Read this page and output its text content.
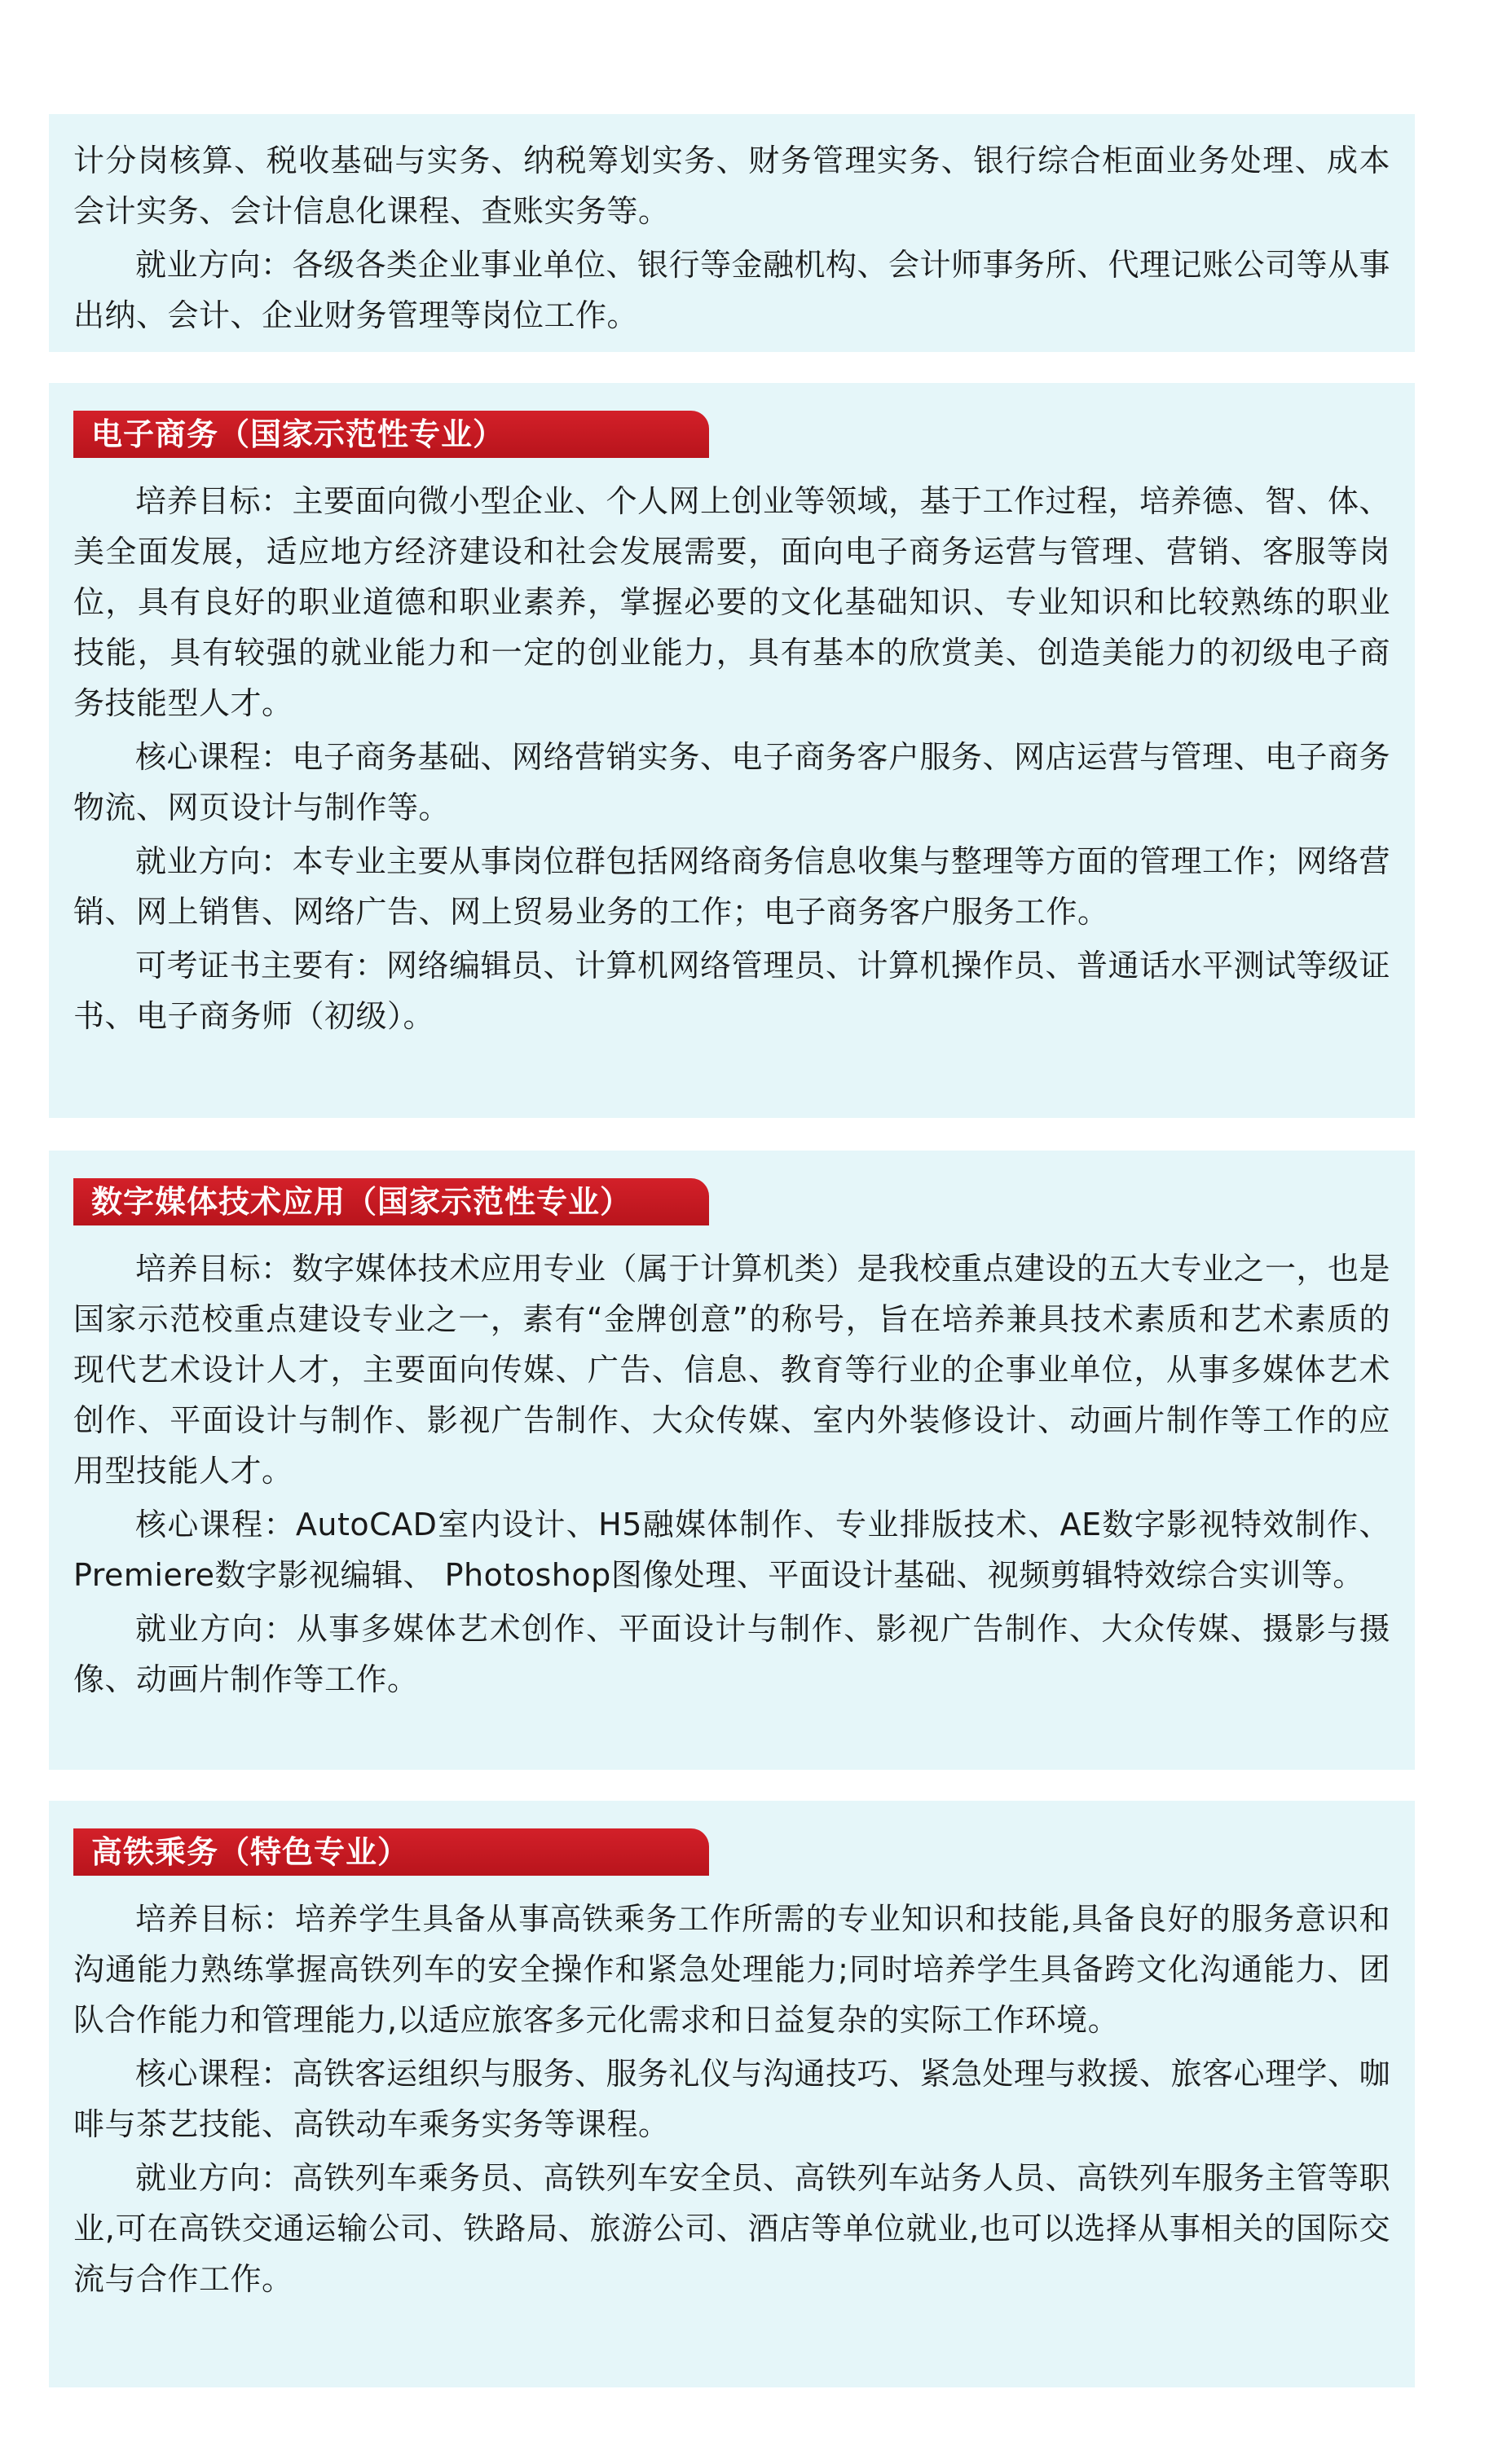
计分岗核算、税收基础与实务、纳税筹划实务、财务管理实务、银行综合柜面业务处理、成本会计实务、会计信息化课程、查账实务等。

就业方向：各级各类企业事业单位、银行等金融机构、会计师事务所、代理记账公司等从事出纳、会计、企业财务管理等岗位工作。

电子商务（国家示范性专业）

培养目标：主要面向微小型企业、个人网上创业等领域，基于工作过程，培养德、智、体、美全面发展，适应地方经济建设和社会发展需要，面向电子商务运营与管理、营销、客服等岗位，具有良好的职业道德和职业素养，掌握必要的文化基础知识、专业知识和比较熟练的职业技能，具有较强的就业能力和一定的创业能力，具有基本的欣赏美、创造美能力的初级电子商务技能型人才。

核心课程：电子商务基础、网络营销实务、电子商务客户服务、网店运营与管理、电子商务物流、网页设计与制作等。

就业方向：本专业主要从事岗位群包括网络商务信息收集与整理等方面的管理工作；网络营销、网上销售、网络广告、网上贸易业务的工作；电子商务客户服务工作。

可考证书主要有：网络编辑员、计算机网络管理员、计算机操作员、普通话水平测试等级证书、电子商务师（初级）。

数字媒体技术应用（国家示范性专业）

培养目标：数字媒体技术应用专业（属于计算机类）是我校重点建设的五大专业之一，也是国家示范校重点建设专业之一，素有“金牌创意”的称号，旨在培养兼具技术素质和艺术素质的现代艺术设计人才，主要面向传媒、广告、信息、教育等行业的企事业单位，从事多媒体艺术创作、平面设计与制作、影视广告制作、大众传媒、室内外装修设计、动画片制作等工作的应用型技能人才。

核心课程：AutoCAD室内设计、H5融媒体制作、专业排版技术、AE数字影视特效制作、Premiere数字影视编辑、 Photoshop图像处理、平面设计基础、视频剪辑特效综合实训等。

就业方向：从事多媒体艺术创作、平面设计与制作、影视广告制作、大众传媒、摄影与摄像、动画片制作等工作。

高铁乘务（特色专业）

培养目标：培养学生具备从事高铁乘务工作所需的专业知识和技能,具备良好的服务意识和沟通能力熟练掌握高铁列车的安全操作和紧急处理能力;同时培养学生具备跨文化沟通能力、团队合作能力和管理能力,以适应旅客多元化需求和日益复杂的实际工作环境。

核心课程：高铁客运组织与服务、服务礼仪与沟通技巧、紧急处理与救援、旅客心理学、咖啡与茶艺技能、高铁动车乘务实务等课程。

就业方向：高铁列车乘务员、高铁列车安全员、高铁列车站务人员、高铁列车服务主管等职业,可在高铁交通运输公司、铁路局、旅游公司、酒店等单位就业,也可以选择从事相关的国际交流与合作工作。
